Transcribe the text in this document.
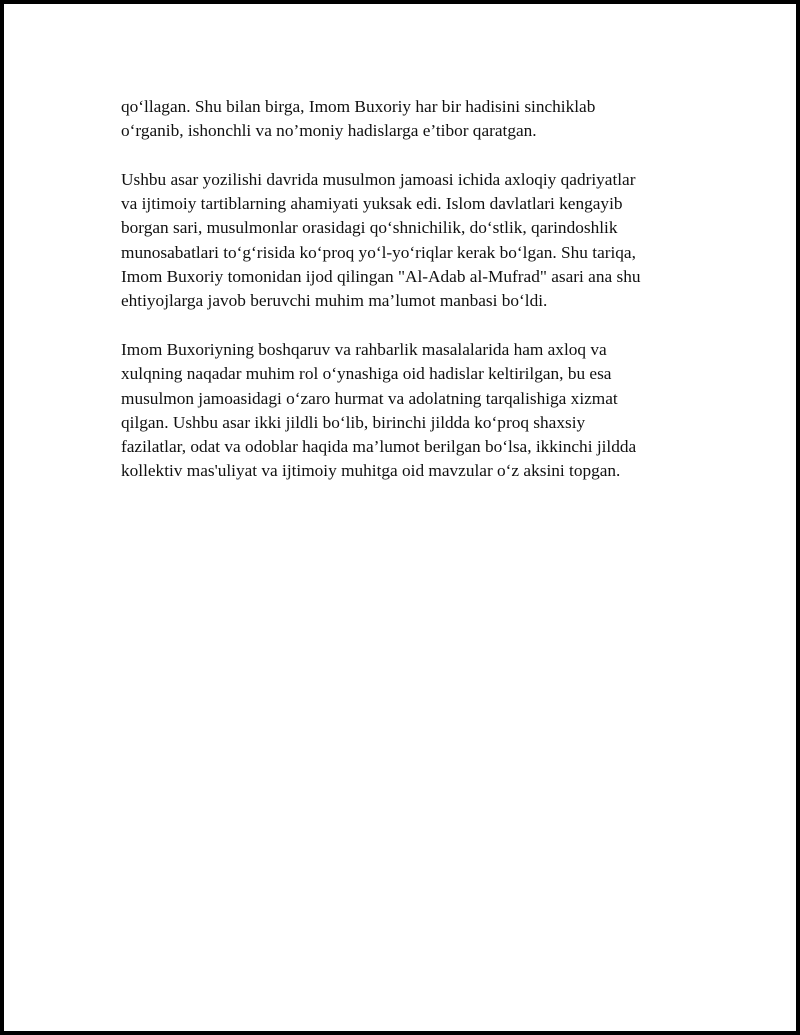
qo‘llagan. Shu bilan birga, Imom Buxoriy har bir hadisini sinchiklab
o‘rganib, ishonchli va no’moniy hadislarga e’tibor qaratgan.

Ushbu asar yozilishi davrida musulmon jamoasi ichida axloqiy qadriyatlar
va ijtimoiy tartiblarning ahamiyati yuksak edi. Islom davlatlari kengayib
borgan sari, musulmonlar orasidagi qo‘shnichilik, do‘stlik, qarindoshlik
munosabatlari to‘g‘risida ko‘proq yo‘l-yo‘riqlar kerak bo‘lgan. Shu tariqa,
Imom Buxoriy tomonidan ijod qilingan "Al-Adab al-Mufrad" asari ana shu
ehtiyojlarga javob beruvchi muhim ma’lumot manbasi bo‘ldi.

Imom Buxoriyning boshqaruv va rahbarlik masalalarida ham axloq va
xulqning naqadar muhim rol o‘ynashiga oid hadislar keltirilgan, bu esa
musulmon jamoasidagi o‘zaro hurmat va adolatning tarqalishiga xizmat
qilgan. Ushbu asar ikki jildli bo‘lib, birinchi jildda ko‘proq shaxsiy
fazilatlar, odat va odoblar haqida ma’lumot berilgan bo‘lsa, ikkinchi jildda
kollektiv mas'uliyat va ijtimoiy muhitga oid mavzular o‘z aksini topgan.
